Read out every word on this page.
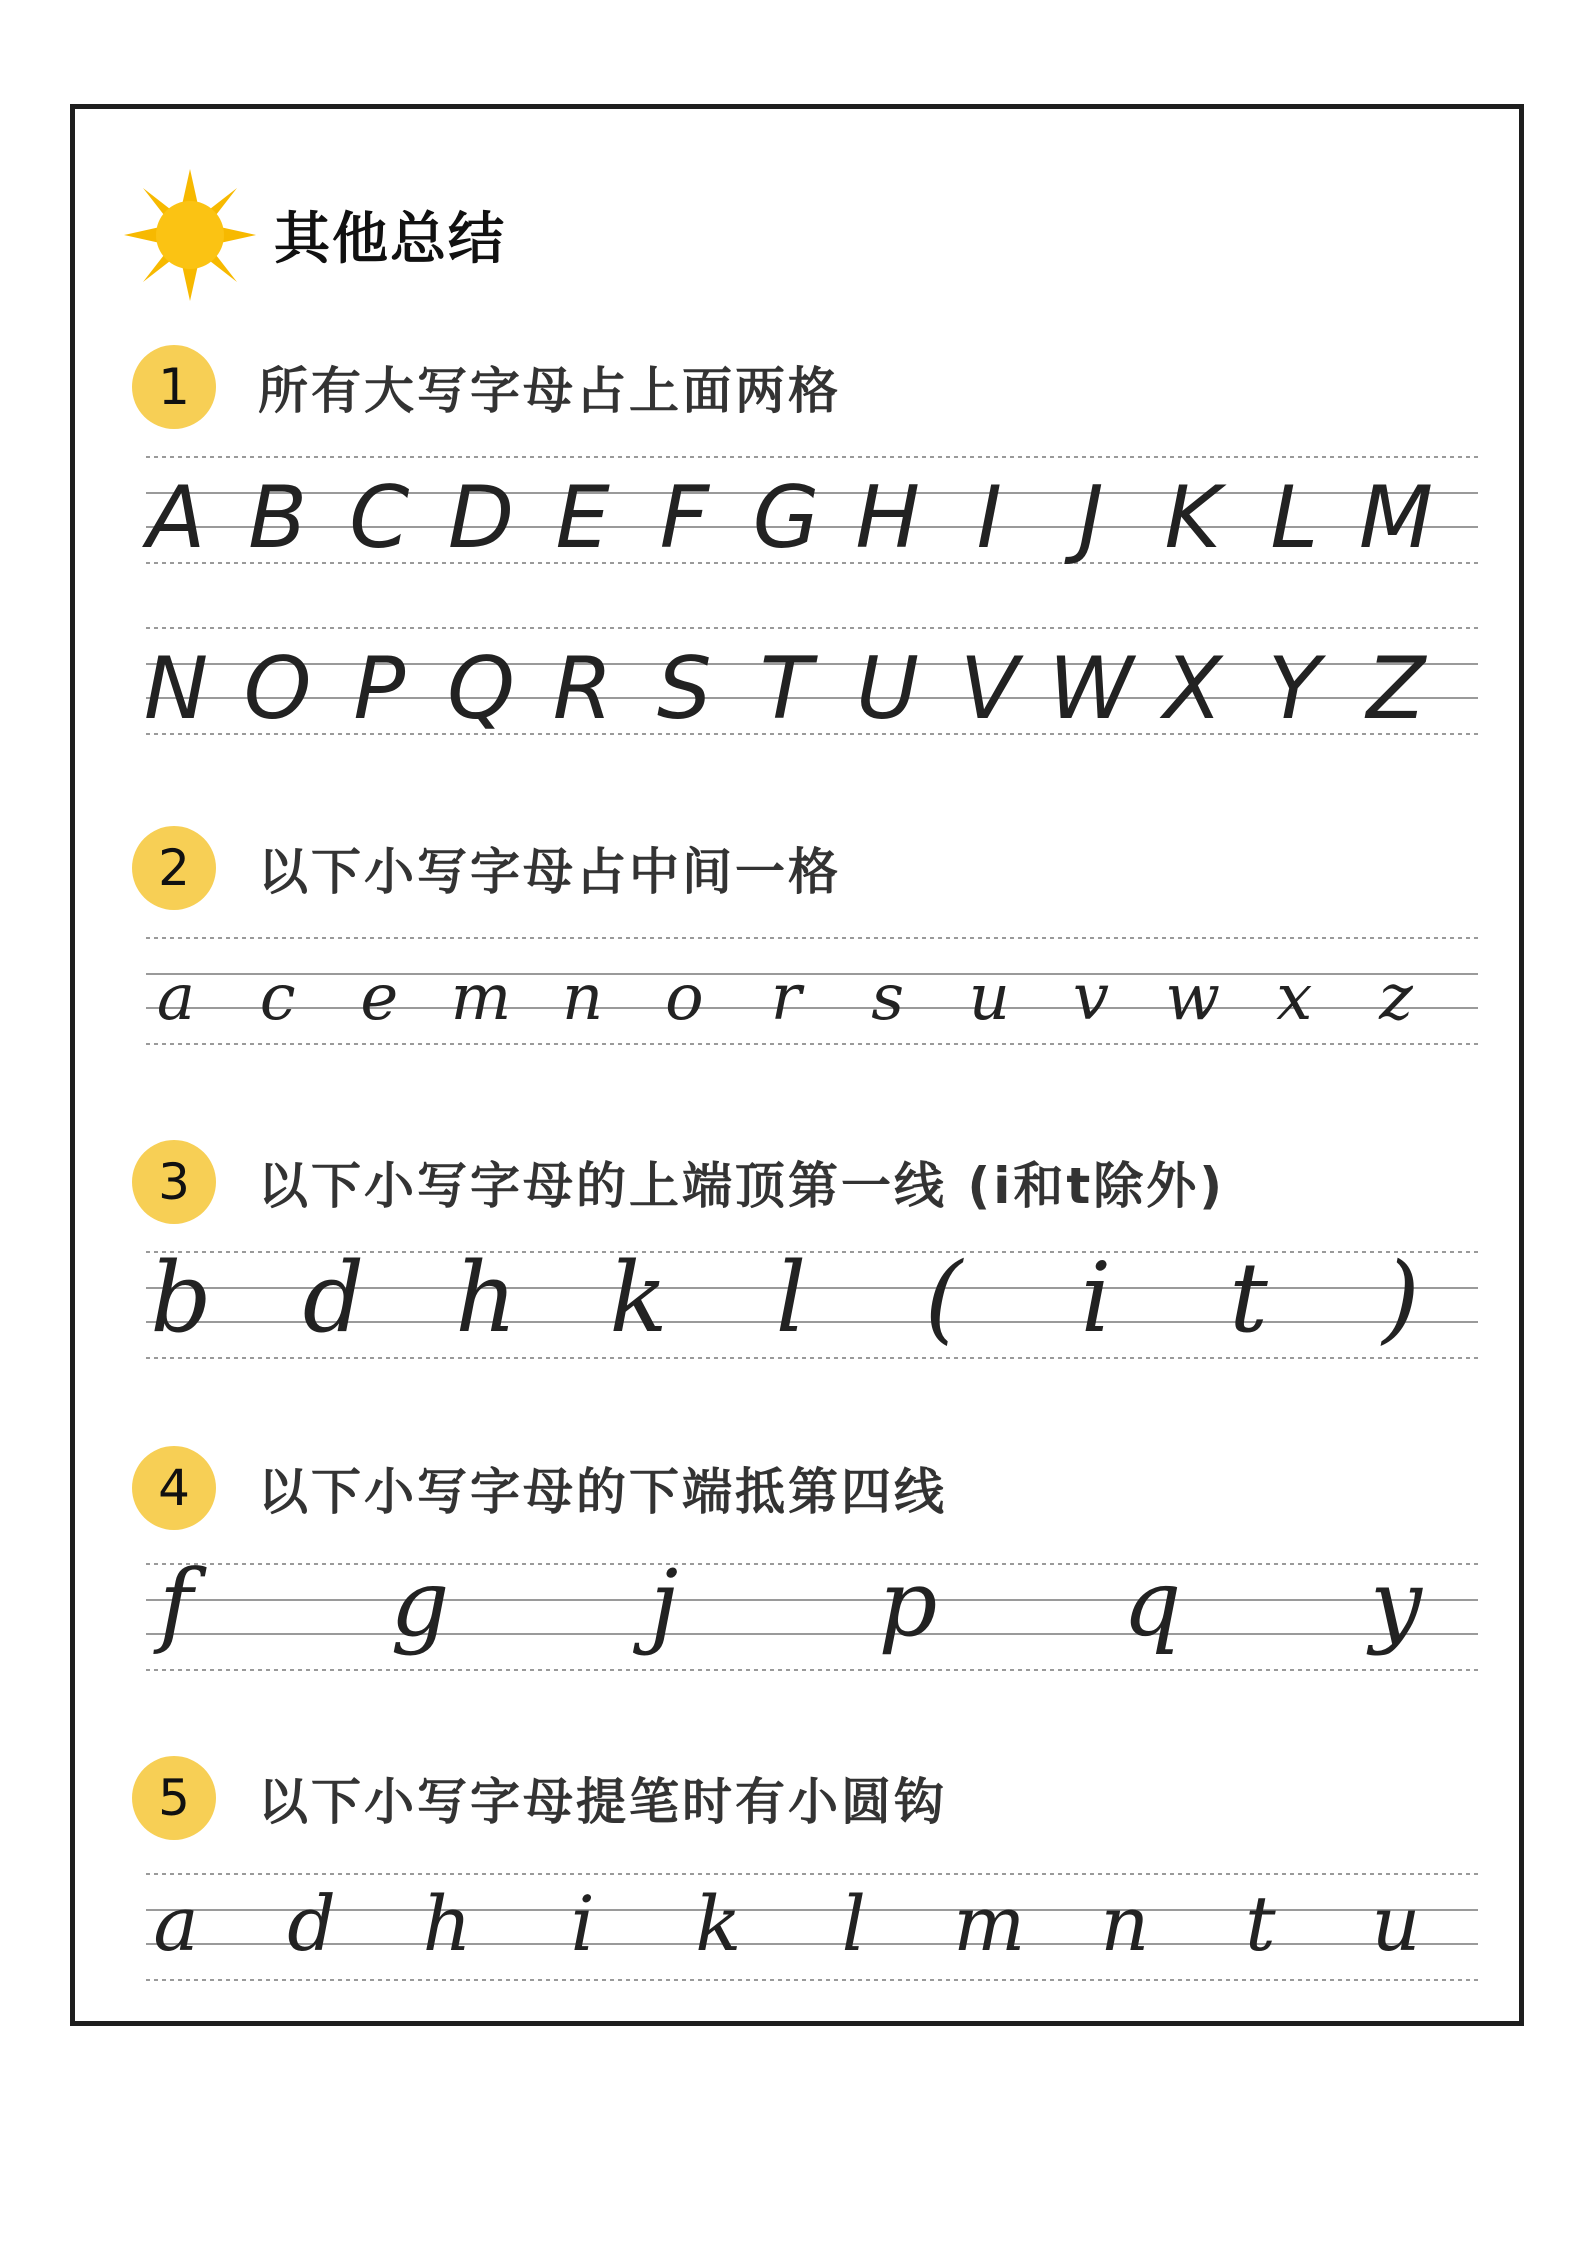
其他总结
1	所有大写字母占上面两格
A B C D E F G H I J K L M
N O P Q R S T U V W X Y Z
2	以下小写字母占中间一格
a c e m n o r s u v w x z
3	以下小写字母的上端顶第一线 (i和t除外)
b d h k l ( i t )
4	以下小写字母的下端抵第四线
f g j p q y
5	以下小写字母提笔时有小圆钩
a d h i k l m n t u
